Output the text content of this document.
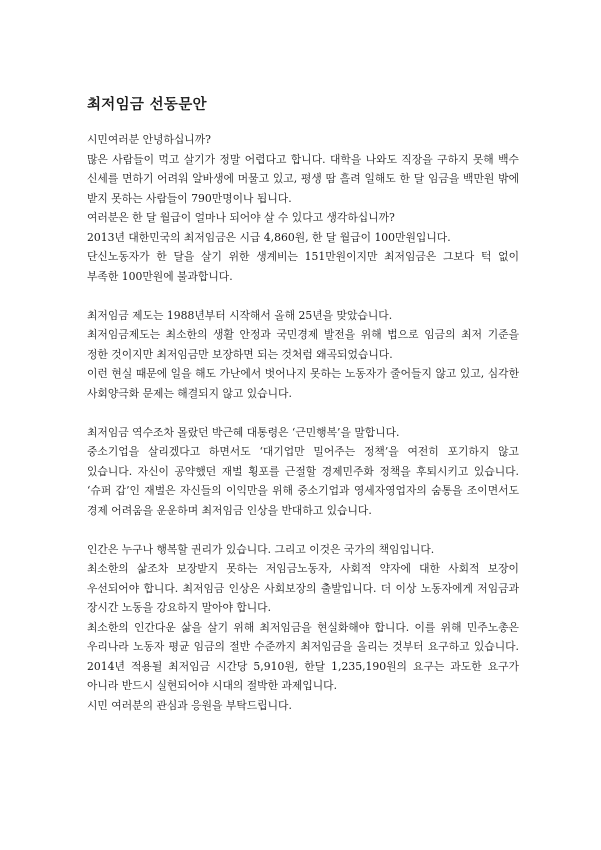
최저임금 선동문안

시민여러분 안녕하십니까?

많은 사람들이 먹고 살기가 정말 어렵다고 합니다. 대학을 나와도 직장을 구하지 못해 백수 신세를 면하기 어려워 알바생에 머물고 있고, 평생 땀 흘려 일해도 한 달 임금을 백만원 밖에 받지 못하는 사람들이 790만명이나 됩니다.

여러분은 한 달 월급이 얼마나 되어야 살 수 있다고 생각하십니까?

2013년 대한민국의 최저임금은 시급 4,860원, 한 달 월급이 100만원입니다.

단신노동자가 한 달을 살기 위한 생계비는 151만원이지만 최저임금은 그보다 턱 없이 부족한 100만원에 불과합니다.

최저임금 제도는 1988년부터 시작해서 올해 25년을 맞았습니다.

최저임금제도는 최소한의 생활 안정과 국민경제 발전을 위해 법으로 임금의 최저 기준을 정한 것이지만 최저임금만 보장하면 되는 것처럼 왜곡되었습니다.

이런 현실 때문에 일을 해도 가난에서 벗어나지 못하는 노동자가 줄어들지 않고 있고, 심각한 사회양극화 문제는 해결되지 않고 있습니다.

최저임금 역수조차 몰랐던 박근혜 대통령은 ‘근민행복’을 말합니다.

중소기업을 살리겠다고 하면서도 ‘대기업만 밀어주는 정책’을 여전히 포기하지 않고 있습니다. 자신이 공약했던 재벌 횡포를 근절할 경제민주화 정책을 후퇴시키고 있습니다. ‘슈퍼 갑’인 재벌은 자신들의 이익만을 위해 중소기업과 영세자영업자의 숨통을 조이면서도 경제 어려움을 운운하며 최저임금 인상을 반대하고 있습니다.

인간은 누구나 행복할 권리가 있습니다. 그리고 이것은 국가의 책임입니다.

최소한의 삶조차 보장받지 못하는 저임금노동자, 사회적 약자에 대한 사회적 보장이 우선되어야 합니다. 최저임금 인상은 사회보장의 출발입니다. 더 이상 노동자에게 저임금과 장시간 노동을 강요하지 말아야 합니다.

최소한의 인간다운 삶을 살기 위해 최저임금을 현실화해야 합니다. 이를 위해 민주노총은 우리나라 노동자 평균 임금의 절반 수준까지 최저임금을 올리는 것부터 요구하고 있습니다. 2014년 적용될 최저임금 시간당 5,910원, 한달 1,235,190원의 요구는 과도한 요구가 아니라 반드시 실현되어야 시대의 절박한 과제입니다.

시민 여러분의 관심과 응원을 부탁드립니다.
